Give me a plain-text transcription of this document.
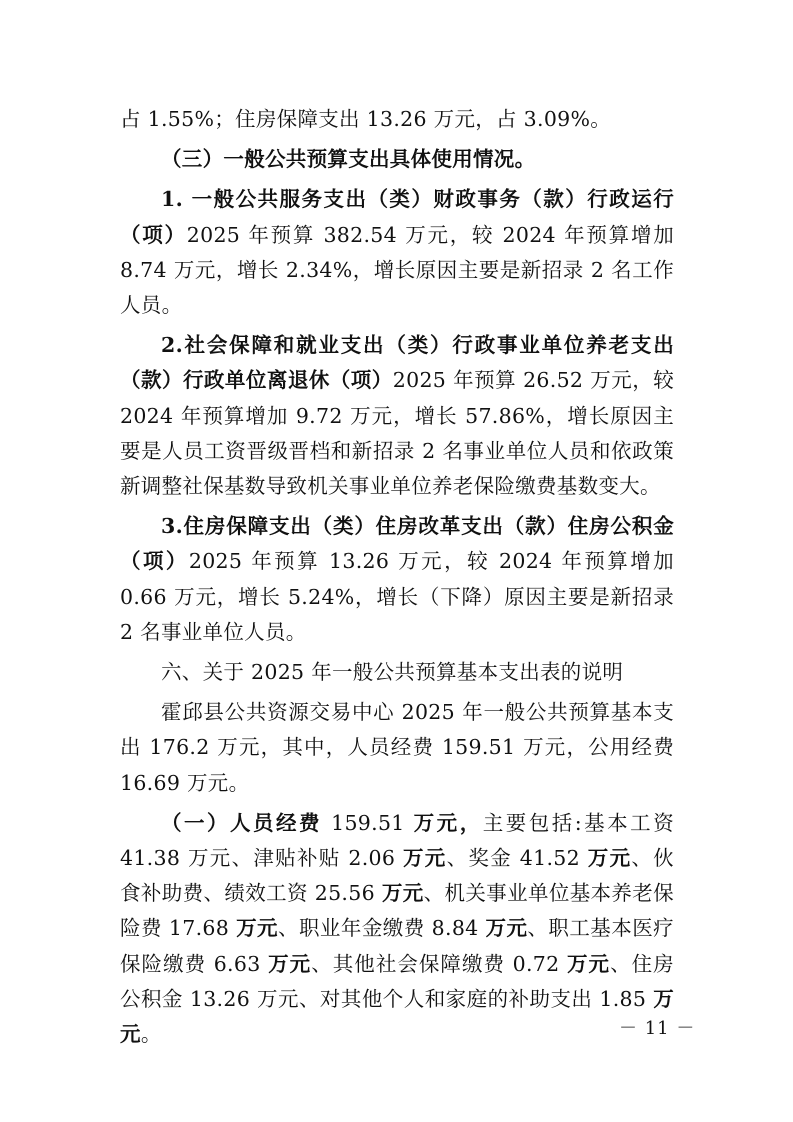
占 1.55%；住房保障支出 13.26 万元，占 3.09%。

（三）一般公共预算支出具体使用情况。

1. 一般公共服务支出（类）财政事务（款）行政运行（项）2025 年预算 382.54 万元，较 2024 年预算增加 8.74 万元，增长 2.34%，增长原因主要是新招录 2 名工作人员。

2.社会保障和就业支出（类）行政事业单位养老支出（款）行政单位离退休（项）2025 年预算 26.52 万元，较 2024 年预算增加 9.72 万元，增长 57.86%，增长原因主要是人员工资晋级晋档和新招录 2 名事业单位人员和依政策新调整社保基数导致机关事业单位养老保险缴费基数变大。

3.住房保障支出（类）住房改革支出（款）住房公积金（项）2025 年预算 13.26 万元，较 2024 年预算增加 0.66 万元，增长 5.24%，增长（下降）原因主要是新招录 2 名事业单位人员。

六、关于 2025 年一般公共预算基本支出表的说明

霍邱县公共资源交易中心 2025 年一般公共预算基本支出 176.2 万元，其中，人员经费 159.51 万元，公用经费 16.69 万元。

（一）人员经费 159.51 万元，主要包括:基本工资 41.38 万元、津贴补贴 2.06 万元、奖金 41.52 万元、伙食补助费、绩效工资 25.56 万元、机关事业单位基本养老保险费 17.68 万元、职业年金缴费 8.84 万元、职工基本医疗保险缴费 6.63 万元、其他社会保障缴费 0.72 万元、住房公积金 13.26 万元、对其他个人和家庭的补助支出 1.85 万元。	－ 11 －
